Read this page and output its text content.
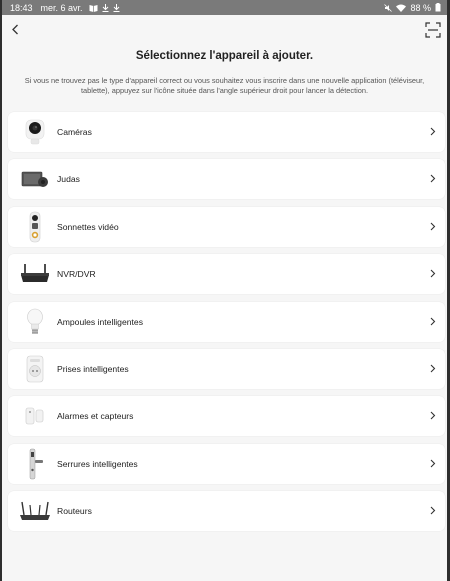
18:43 mer. 6 avr.	88 %
Sélectionnez l'appareil à ajouter.
Si vous ne trouvez pas le type d'appareil correct ou vous souhaitez vous inscrire dans une nouvelle application (téléviseur, tablette), appuyez sur l'icône située dans l'angle supérieur droit pour lancer la détection.
Caméras
Judas
Sonnettes vidéo
NVR/DVR
Ampoules intelligentes
Prises intelligentes
Alarmes et capteurs
Serrures intelligentes
Routeurs
